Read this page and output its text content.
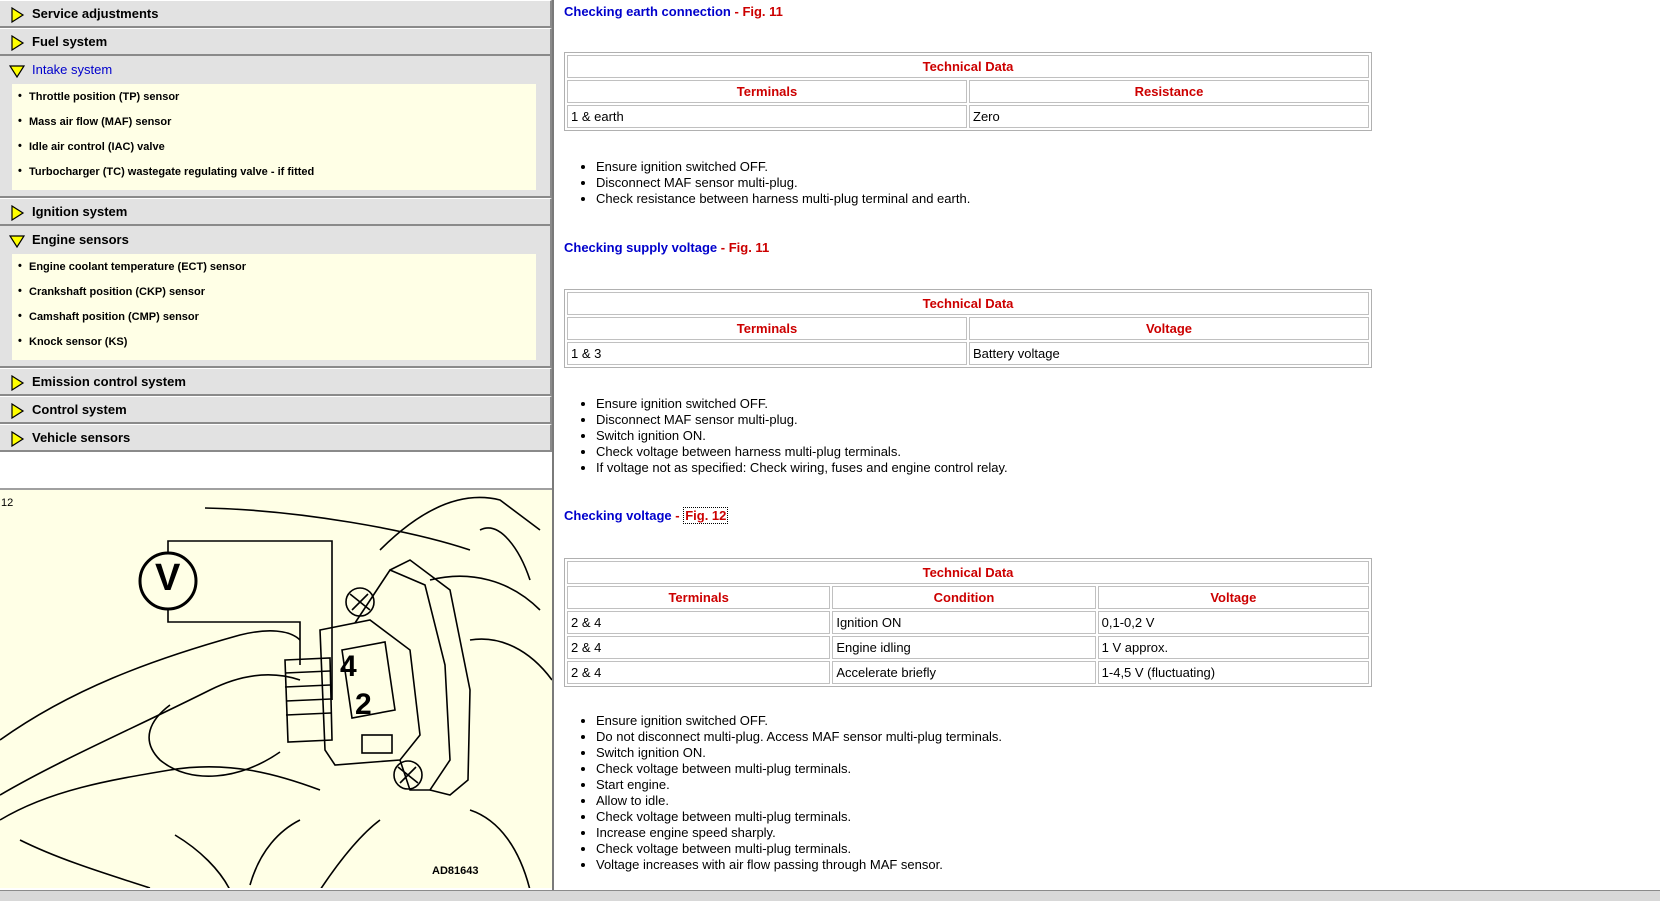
Service adjustments
Fuel system
Intake system
• Throttle position (TP) sensor
• Mass air flow (MAF) sensor
• Idle air control (IAC) valve
• Turbocharger (TC) wastegate regulating valve - if fitted
Ignition system
Engine sensors
• Engine coolant temperature (ECT) sensor
• Crankshaft position (CKP) sensor
• Camshaft position (CMP) sensor
• Knock sensor (KS)
Emission control system
Control system
Vehicle sensors
12
V
4
2
AD81643
Checking earth connection - Fig. 11
Technical Data	
Terminals	Resistance
1 & earth	Zero
• Ensure ignition switched OFF.
• Disconnect MAF sensor multi-plug.
• Check resistance between harness multi-plug terminal and earth.
Checking supply voltage - Fig. 11
Technical Data	
Terminals	Voltage
1 & 3	Battery voltage
• Ensure ignition switched OFF.
• Disconnect MAF sensor multi-plug.
• Switch ignition ON.
• Check voltage between harness multi-plug terminals.
• If voltage not as specified: Check wiring, fuses and engine control relay.
Checking voltage - Fig. 12
Technical Data		
Terminals	Condition	Voltage
2 & 4	Ignition ON	0,1-0,2 V
2 & 4	Engine idling	1 V approx.
2 & 4	Accelerate briefly	1-4,5 V (fluctuating)
• Ensure ignition switched OFF.
• Do not disconnect multi-plug. Access MAF sensor multi-plug terminals.
• Switch ignition ON.
• Check voltage between multi-plug terminals.
• Start engine.
• Allow to idle.
• Check voltage between multi-plug terminals.
• Increase engine speed sharply.
• Check voltage between multi-plug terminals.
• Voltage increases with air flow passing through MAF sensor.
